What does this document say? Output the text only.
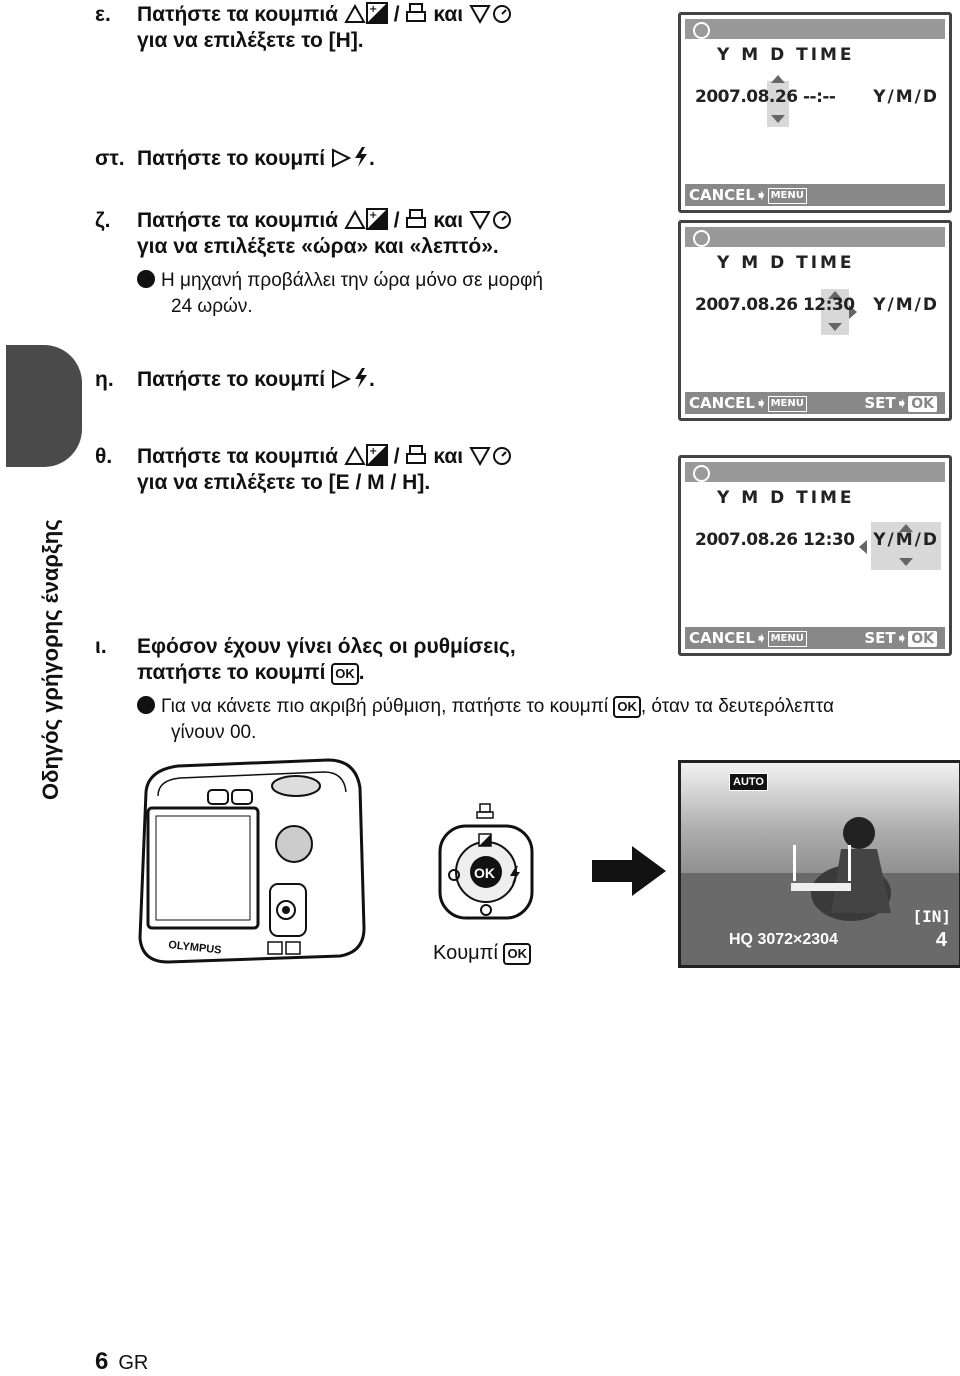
Οδηγός γρήγορης έναρξης
ε. Πατήστε τα κουμπιά	+ / και
για να επιλέξετε το [Η].
στ. Πατήστε το κουμπί .
ζ. Πατήστε τα κουμπιά	+ / και
για να επιλέξετε «ώρα» και «λεπτό».
Η μηχανή προβάλλει την ώρα μόνο σε μορφή
24 ωρών.
η. Πατήστε το κουμπί .
θ. Πατήστε τα κουμπιά	+ / και
για να επιλέξετε το [Ε / Μ / Η].
ι. Εφόσον έχουν γίνει όλες οι ρυθμίσεις,
πατήστε το κουμπί OK .
Για να κάνετε πιο ακριβή ρύθμιση, πατήστε το κουμπί OK , όταν τα δευτερόλεπτα
γίνουν 00.
Y M D TIME
2007.08.26 --:-- Y/M/D
CANCEL➧ MENU
Y M D TIME
2007.08.26 12:30 Y/M/D
CANCEL➧ MENU	SET➧ OK
Y M D TIME
2007.08.26 12:30 Y/M/D
CANCEL➧ MENU	SET➧ OK
OLYMPUS
OK
Κουμπί OK
AUTO
[IN]
HQ 3072×2304	4
6 GR
